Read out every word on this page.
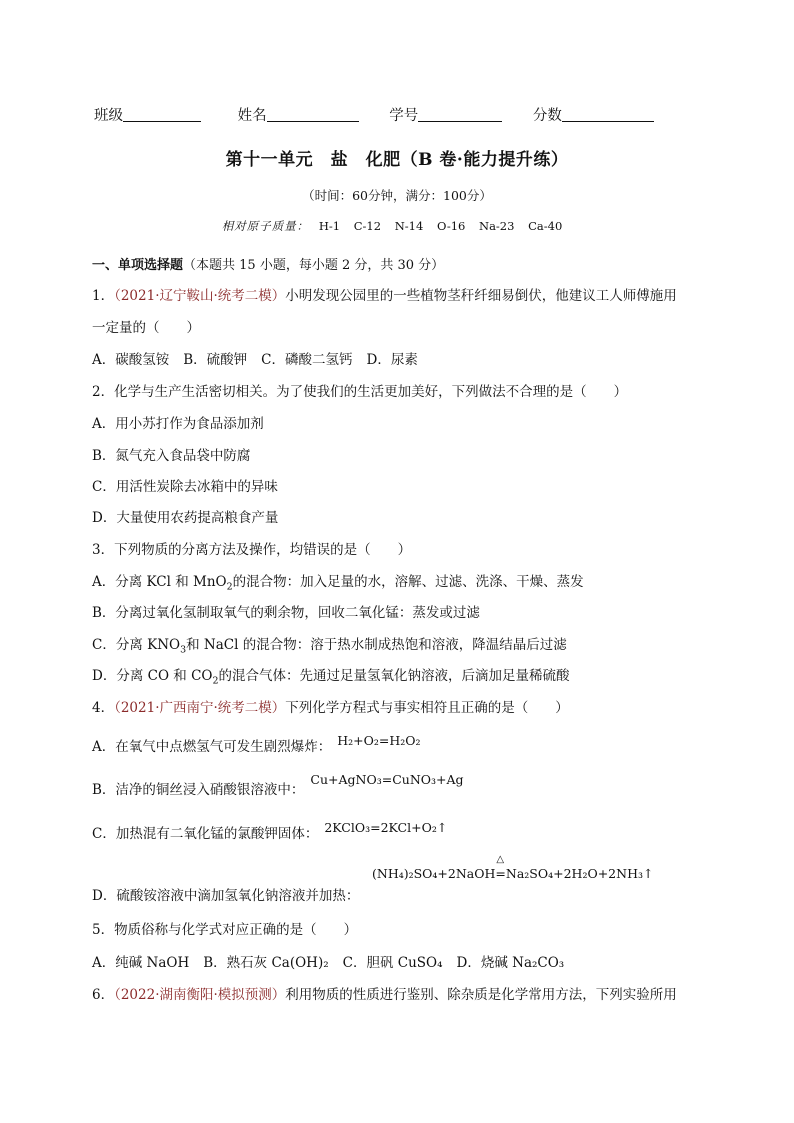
班级	姓名	学号	分数
第十一单元　盐　化肥（B 卷·能力提升练）
（时间：60分钟，满分：100分）
相对原子质量： H-1 C-12 N-14 O-16 Na-23 Ca-40
一、单项选择题（本题共 15 小题，每小题 2 分，共 30 分）
1．（2021·辽宁鞍山·统考二模）小明发现公园里的一些植物茎秆纤细易倒伏，他建议工人师傅施用
一定量的（　　）
A．碳酸氢铵 B．硫酸钾 C．磷酸二氢钙 D．尿素
2．化学与生产生活密切相关。为了使我们的生活更加美好，下列做法不合理的是（　　）
A．用小苏打作为食品添加剂
B．氮气充入食品袋中防腐
C．用活性炭除去冰箱中的异味
D．大量使用农药提高粮食产量
3．下列物质的分离方法及操作，均错误的是（　　）
A．分离 KCl 和 MnO$_2$的混合物：加入足量的水，溶解、过滤、洗涤、干燥、蒸发
B．分离过氧化氢制取氧气的剩余物，回收二氧化锰：蒸发或过滤
C．分离 $KNO_3$和 NaCl 的混合物：溶于热水制成热饱和溶液，降温结晶后过滤
D．分离 CO 和 $CO_2$的混合气体：先通过足量氢氧化钠溶液，后滴加足量稀硫酸
4．（2021·广西南宁·统考二模）下列化学方程式与事实相符且正确的是（　　）
A．在氧气中点燃氢气可发生剧烈爆炸： H₂+O₂=H₂O₂
B．洁净的铜丝浸入硝酸银溶液中：Cu+AgNO₃=CuNO₃+Ag
C．加热混有二氧化锰的氯酸钾固体： 2KClO₃=2KCl+O₂↑
D．硫酸铵溶液中滴加氢氧化钠溶液并加热：
(NH₄)₂SO₄+2NaOH
△
=Na₂SO₄+2H₂O+2NH₃↑
5．物质俗称与化学式对应正确的是（　　）
A．纯碱 NaOH B．熟石灰 Ca(OH)₂ C．胆矾 CuSO₄ D．烧碱 Na₂CO₃
6．（2022·湖南衡阳·模拟预测）利用物质的性质进行鉴别、除杂质是化学常用方法，下列实验所用
